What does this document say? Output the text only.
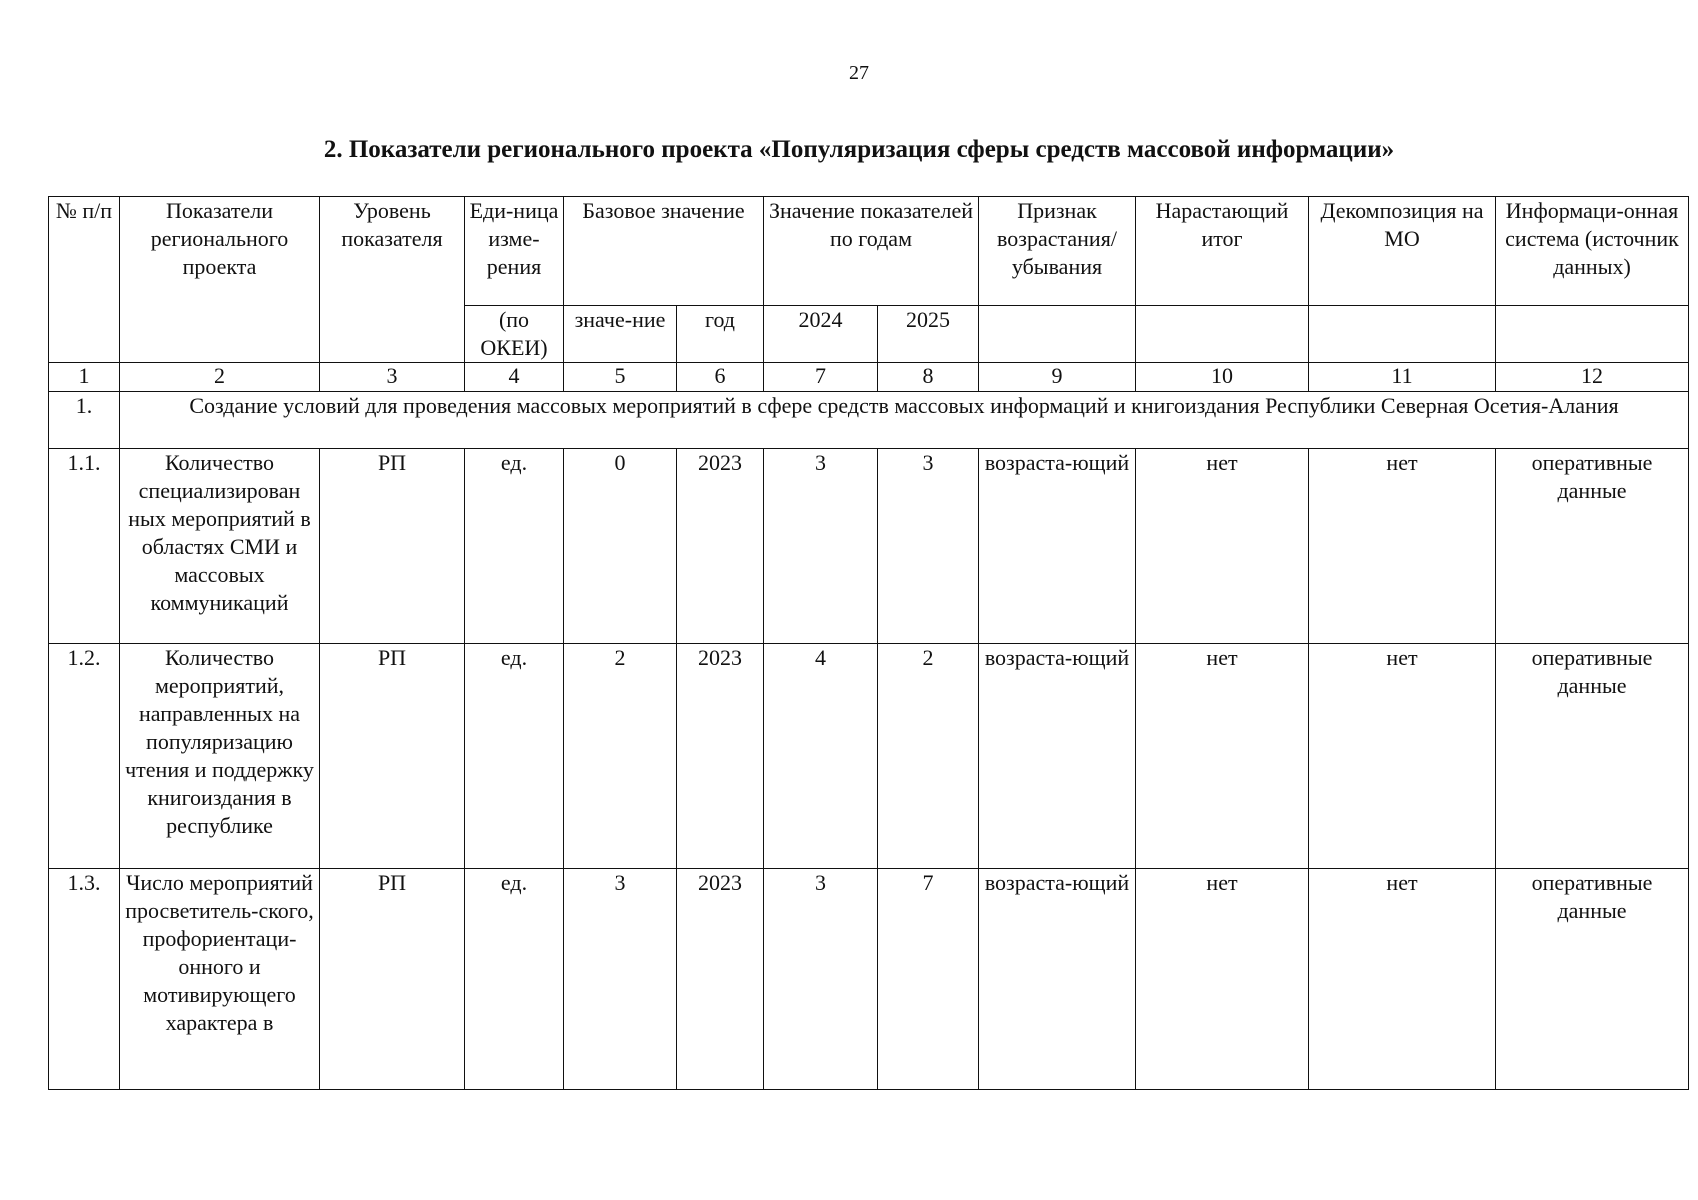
27
2. Показатели регионального проекта «Популяризация сферы средств массовой информации»
№ п/п	Показатели регионального проекта	Уровень показателя	Еди-ница изме-рения	Базовое значение		Значение показателей по годам		Признак возрастания/ убывания	Нарастающий итог	Декомпозиция на МО	Информаци-онная система (источник данных)
			(по ОКЕИ)	значе-ние	год	2024	2025				
1	2	3	4	5	6	7	8	9	10	11	12
1.	Создание условий для проведения массовых мероприятий в сфере средств массовых информаций и книгоиздания Республики Северная Осетия-Алания										
1.1.	Количество специализирован ных мероприятий в областях СМИ и массовых коммуникаций	РП	ед.	0	2023	3	3	возраста-ющий	нет	нет	оперативные данные
1.2.	Количество мероприятий, направленных на популяризацию чтения и поддержку книгоиздания в республике	РП	ед.	2	2023	4	2	возраста-ющий	нет	нет	оперативные данные
1.3.	Число мероприятий просветитель-ского, профориентаци-онного и мотивирующего характера в	РП	ед.	3	2023	3	7	возраста-ющий	нет	нет	оперативные данные
